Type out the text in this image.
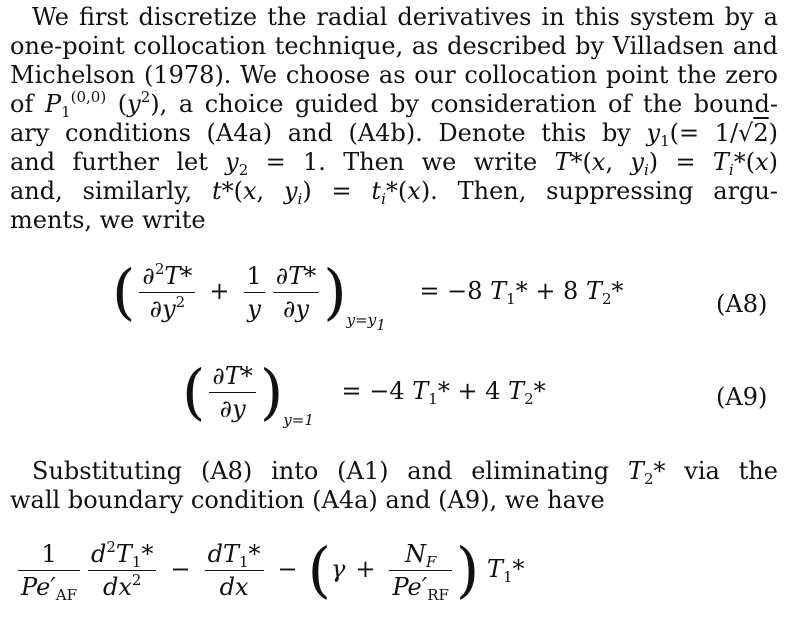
We first discretize the radial derivatives in this system by a
one-point collocation technique, as described by Villadsen and
Michelson (1978). We choose as our collocation point the zero
of $P_1^{(0,0)}$ $(y^2)$, a choice guided by consideration of the bound-
ary conditions (A4a) and (A4b). Denote this by $y_1(= 1/√2)$
and further let $y_2 = 1$. Then we write T*(x, $y_i) = T_i*(x)$
and, similarly, t*(x, $y_i) = t_i*(x)$. Then, suppressing argu-
ments, we write
( $\frac{\partial^2T*}{\partial y^2} + \frac{1}{y} \frac{\partial T*}{\partial y} )_{y=y_1} = -8$ $T_1* + 8$ $T_2*$	(A8)
( $\frac{\partial T*}{\partial y} )_{y=1} = -4$ $T_1* + 4$ $T_2*$	(A9)
Substituting (A8) into (A1) and eliminating $T_2*$ via the
wall boundary condition (A4a) and (A9), we have
$\frac{1}{Pe'_{AF}} \frac{d^2T_1*}{dx^2} - \frac{dT_1*}{dx} - (\gamma + \frac{N_F}{Pe'_{RF}}$ ) $T_1*$
